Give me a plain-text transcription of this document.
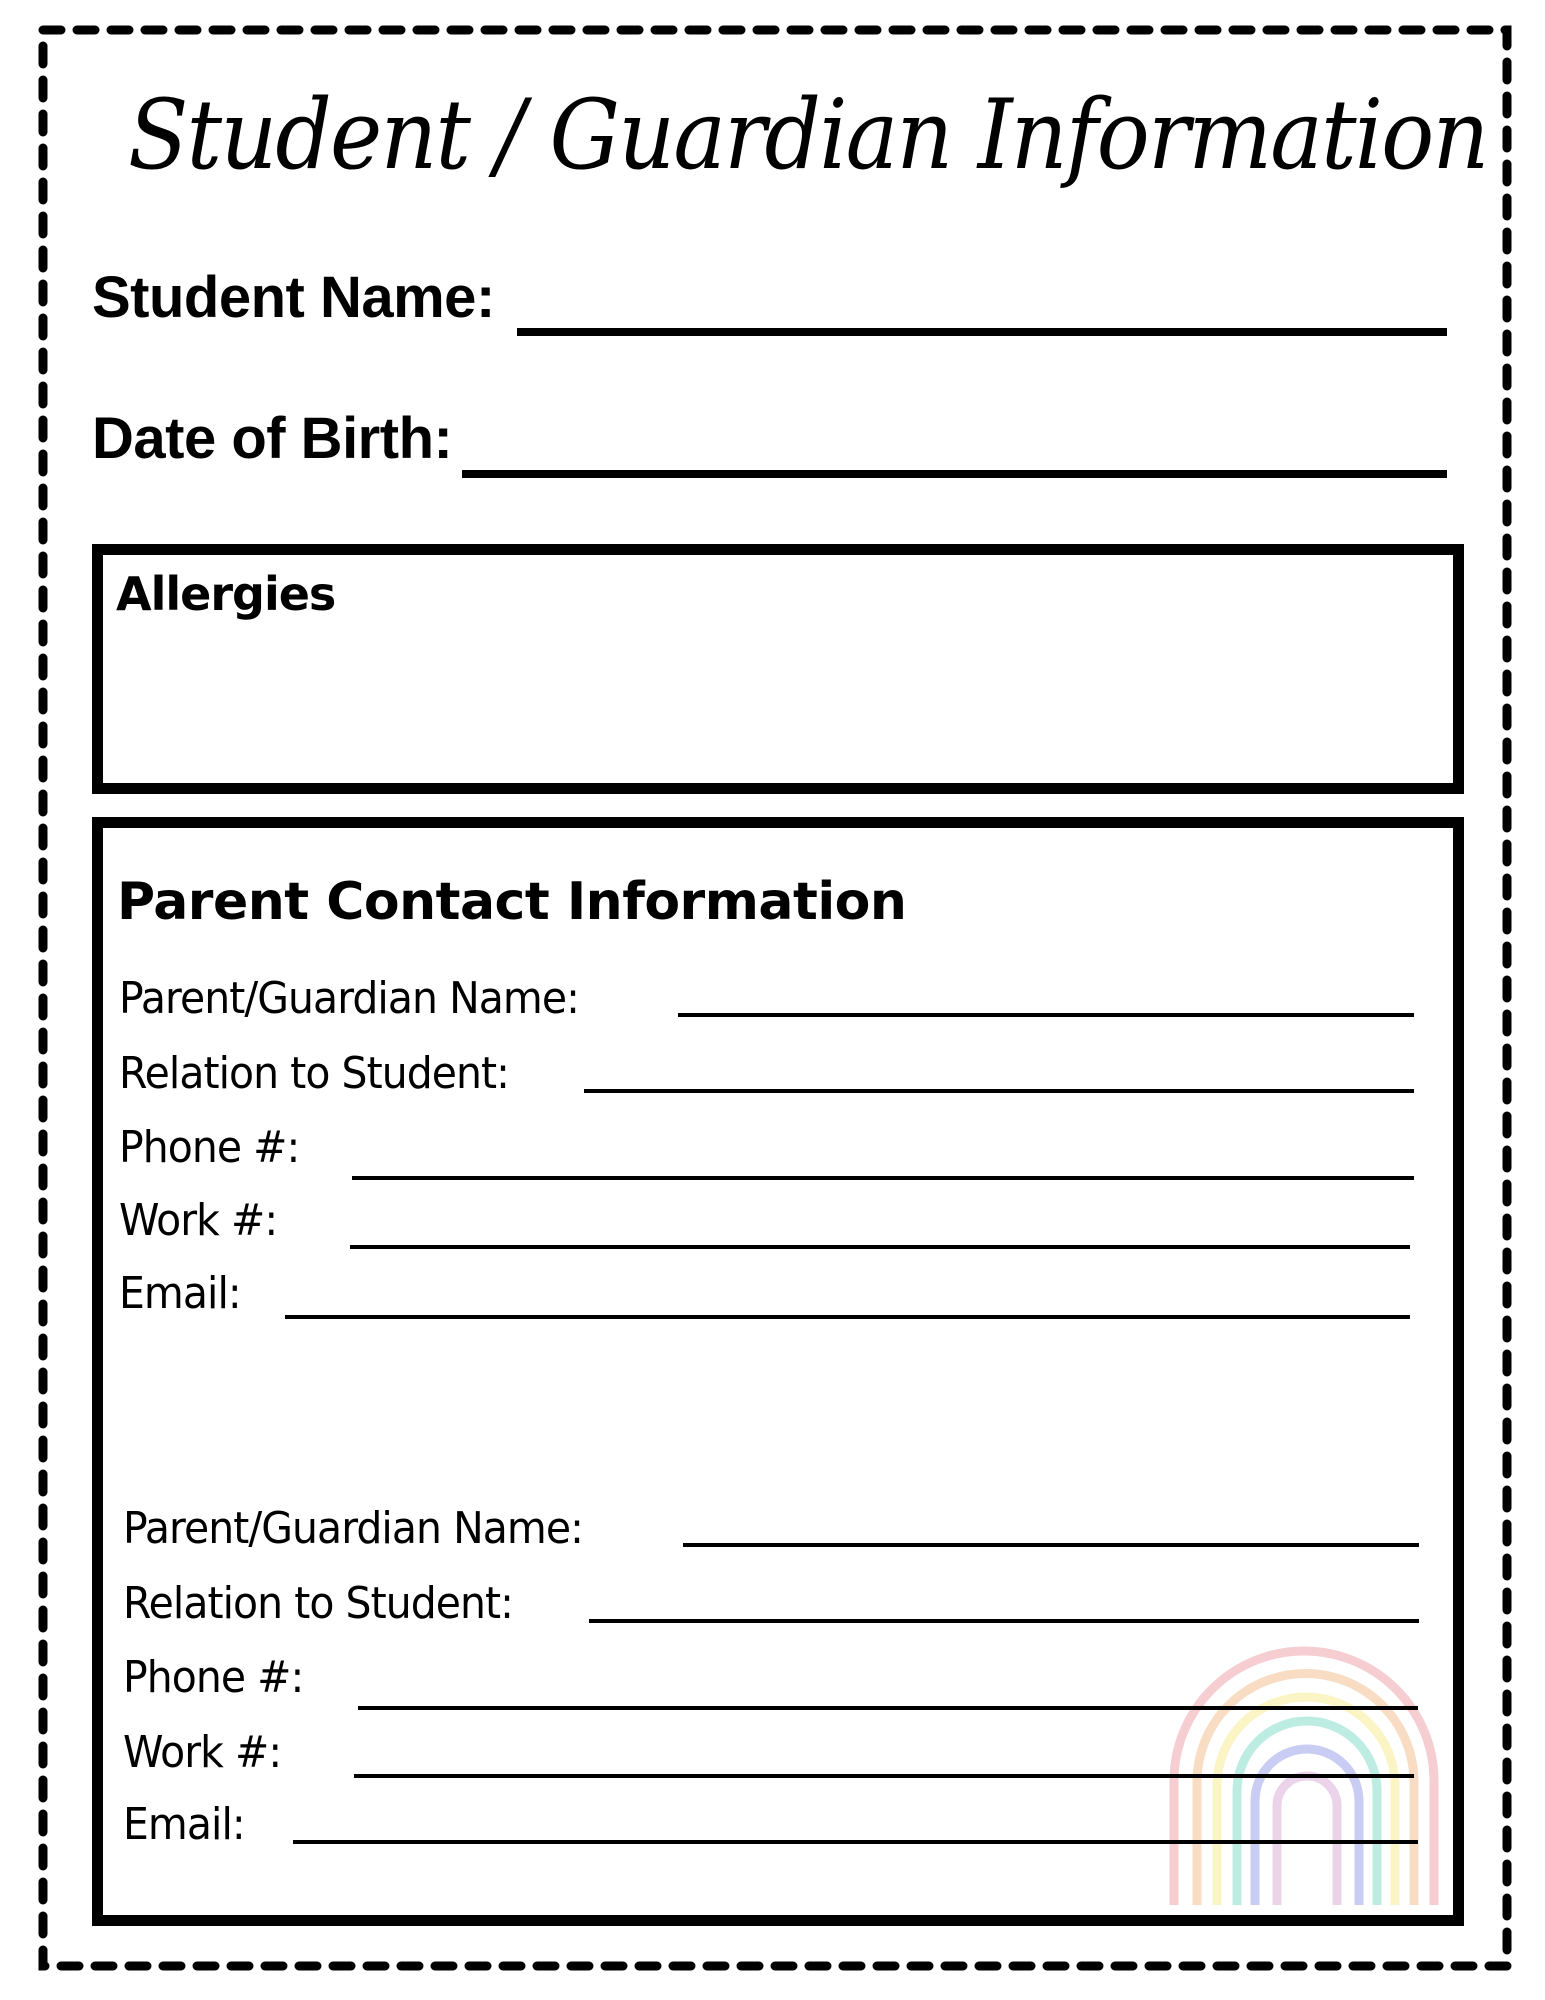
Student / Guardian Information
Student Name:
Date of Birth:
Allergies
Parent Contact Information
Parent/Guardian Name:
Relation to Student:
Phone #:
Work #:
Email:
Parent/Guardian Name:
Relation to Student:
Phone #:
Work #:
Email:
